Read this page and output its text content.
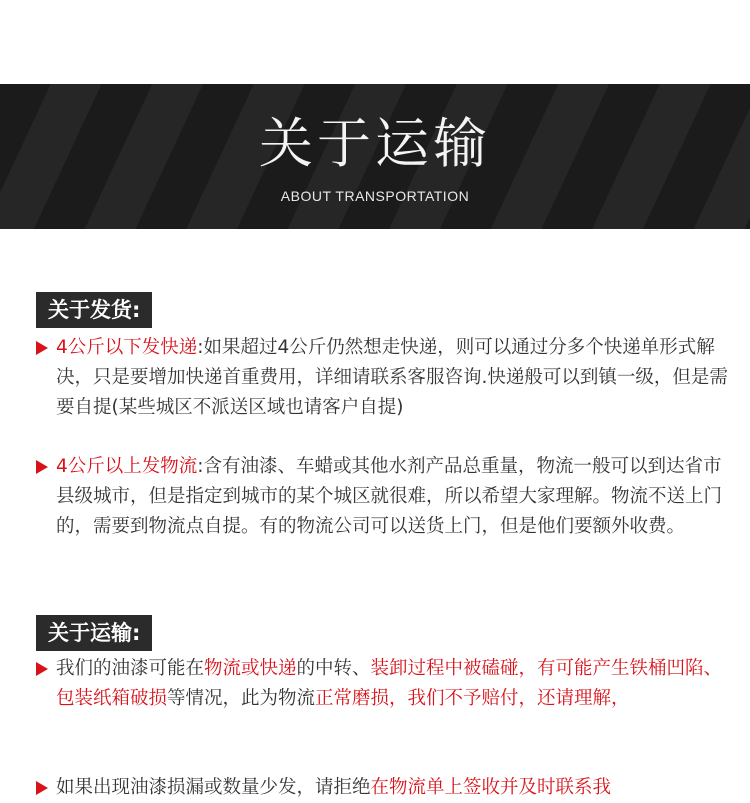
关于运输
ABOUT TRANSPORTATION
关于发货:
4公斤以下发快递:如果超过4公斤仍然想走快递，则可以通过分多个快递单形式解决，只是要增加快递首重费用，详细请联系客服咨询.快递般可以到镇一级，但是需要自提(某些城区不派送区域也请客户自提)
4公斤以上发物流:含有油漆、车蜡或其他水剂产品总重量，物流一般可以到达省市县级城市，但是指定到城市的某个城区就很难，所以希望大家理解。物流不送上门的，需要到物流点自提。有的物流公司可以送货上门，但是他们要额外收费。
关于运输:
我们的油漆可能在物流或快递的中转、装卸过程中被磕碰，有可能产生铁桶凹陷、包装纸箱破损等情况，此为物流正常磨损，我们不予赔付，还请理解，
如果出现油漆损漏或数量少发，请拒绝在物流单上签收并及时联系我
